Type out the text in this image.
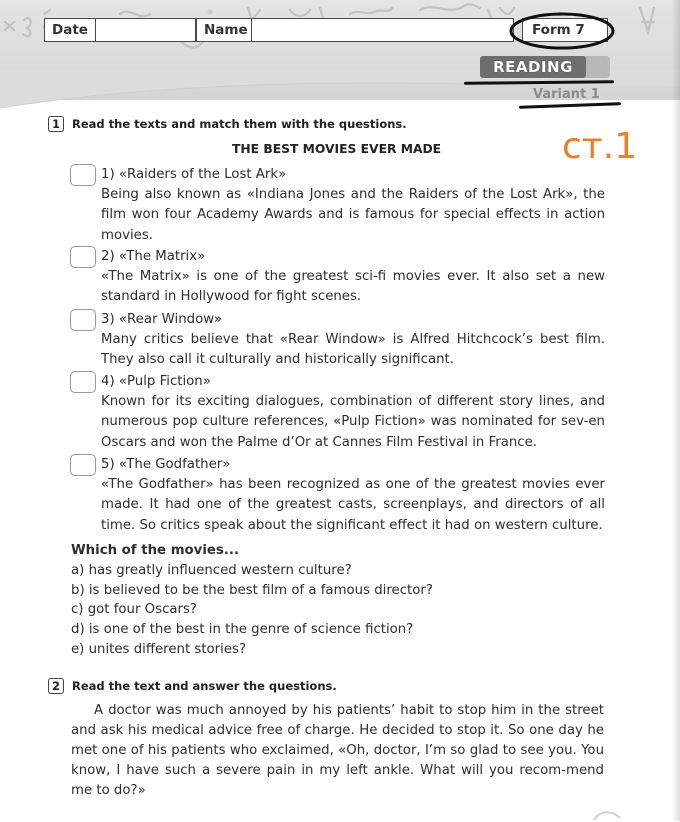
Date	Name	Form 7
READING
Variant 1
ст.1
1	Read the texts and match them with the questions.
THE BEST MOVIES EVER MADE
1) «Raiders of the Lost Ark»
Being also known as «Indiana Jones and the Raiders of the Lost Ark», the film won four Academy Awards and is famous for special effects in action movies.
2) «The Matrix»
«The Matrix» is one of the greatest sci-fi movies ever. It also set a new standard in Hollywood for fight scenes.
3) «Rear Window»
Many critics believe that «Rear Window» is Alfred Hitchcock’s best film. They also call it culturally and historically significant.
4) «Pulp Fiction»
Known for its exciting dialogues, combination of different story lines, and numerous pop culture references, «Pulp Fiction» was nominated for sev-en Oscars and won the Palme d’Or at Cannes Film Festival in France.
5) «The Godfather»
«The Godfather» has been recognized as one of the greatest movies ever made. It had one of the greatest casts, screenplays, and directors of all time. So critics speak about the significant effect it had on western culture.
Which of the movies...
a) has greatly influenced western culture?
b) is believed to be the best film of a famous director?
c) got four Oscars?
d) is one of the best in the genre of science fiction?
e) unites different stories?
2	Read the text and answer the questions.
A doctor was much annoyed by his patients’ habit to stop him in the street and ask his medical advice free of charge. He decided to stop it. So one day he met one of his patients who exclaimed, «Oh, doctor, I’m so glad to see you. You know, I have such a severe pain in my left ankle. What will you recom-mend me to do?»
